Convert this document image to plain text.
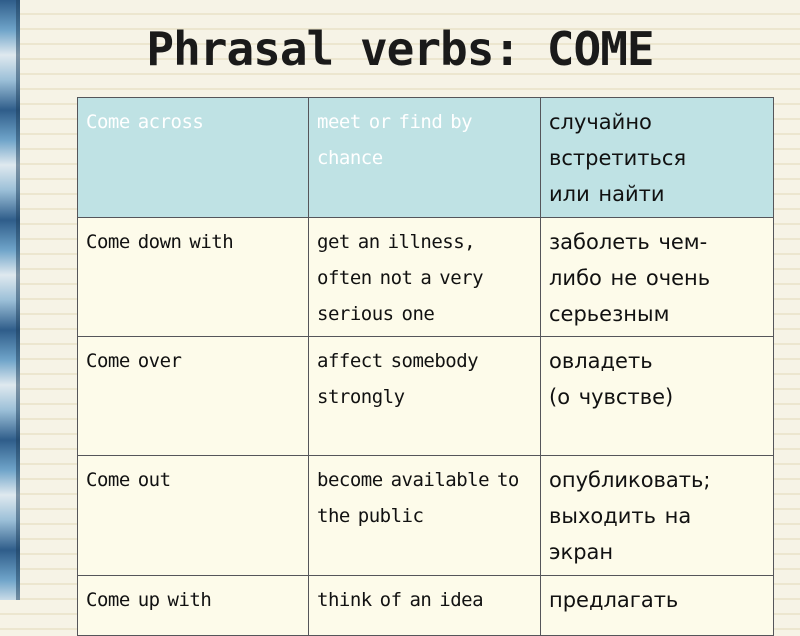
Phrasal verbs: COME
Come across	meet or find by chance	случайно
встретиться
или найти

Come down with	get an illness, often not a very serious one	заболеть чем-
либо не очень
серьезным

Come over	affect somebody strongly	овладеть
(о чувстве)

Come out	become available to the public	опубликовать;
выходить на
экран

Come up with	think of an idea	предлагать
